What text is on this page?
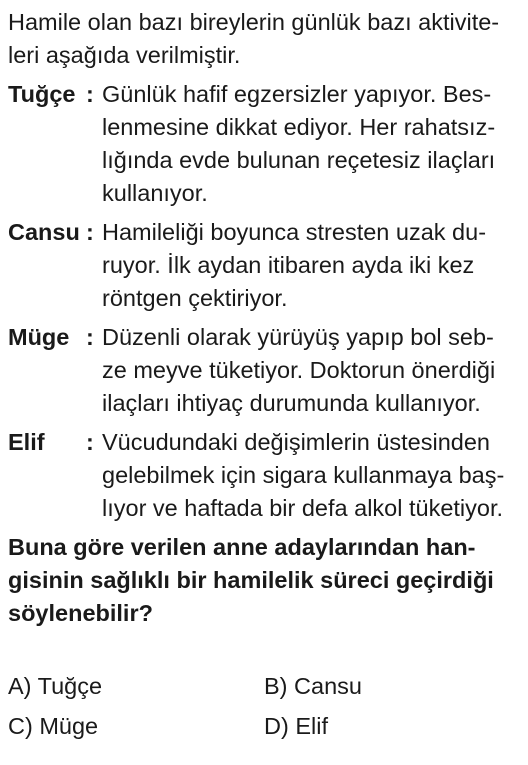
Hamile olan bazı bireylerin günlük bazı aktivite-
leri aşağıda verilmiştir.
Tuğçe : Günlük hafif egzersizler yapıyor. Bes-
lenmesine dikkat ediyor. Her rahatsız-
lığında evde bulunan reçetesiz ilaçları
kullanıyor.
Cansu : Hamileliği boyunca stresten uzak du-
ruyor. İlk aydan itibaren ayda iki kez
röntgen çektiriyor.
Müge : Düzenli olarak yürüyüş yapıp bol seb-
ze meyve tüketiyor. Doktorun önerdiği
ilaçları ihtiyaç durumunda kullanıyor.
Elif	: Vücudundaki değişimlerin üstesinden
gelebilmek için sigara kullanmaya baş-
lıyor ve haftada bir defa alkol tüketiyor.
Buna göre verilen anne adaylarından han-
gisinin sağlıklı bir hamilelik süreci geçirdiği
söylenebilir?
A) Tuğçe	B) Cansu
C) Müge	D) Elif
